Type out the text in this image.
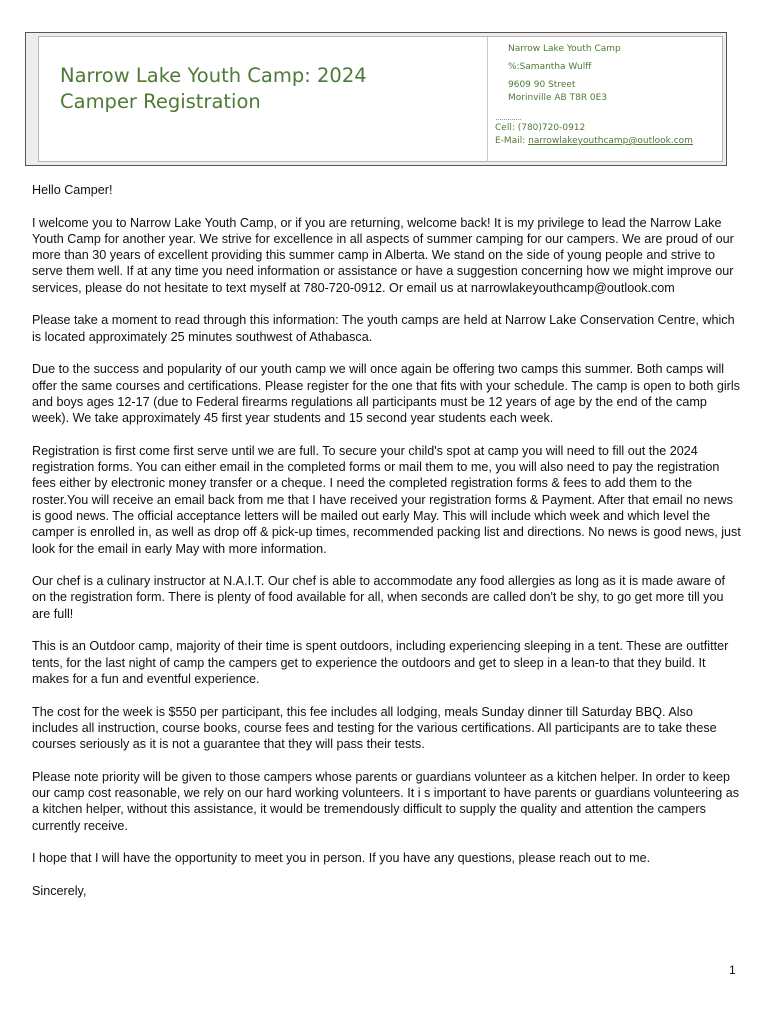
Narrow Lake Youth Camp: 2024
Camper Registration
Narrow Lake Youth Camp
%:Samantha Wulff
9609 90 Street
Morinville AB T8R 0E3
.............
Cell: (780)720-0912
E-Mail: narrowlakeyouthcamp@outlook.com

Hello Camper!

I welcome you to Narrow Lake Youth Camp, or if you are returning, welcome back! It is my privilege to lead the Narrow Lake Youth Camp for another year. We strive for excellence in all aspects of summer camping for our campers. We are proud of our more than 30 years of excellent providing this summer camp in Alberta. We stand on the side of young people and strive to serve them well. If at any time you need information or assistance or have a suggestion concerning how we might improve our services, please do not hesitate to text myself at 780-720-0912. Or email us at narrowlakeyouthcamp@outlook.com

Please take a moment to read through this information: The youth camps are held at Narrow Lake Conservation Centre, which is located approximately 25 minutes southwest of Athabasca.

Due to the success and popularity of our youth camp we will once again be offering two camps this summer. Both camps will offer the same courses and certifications. Please register for the one that fits with your schedule. The camp is open to both girls and boys ages 12-17 (due to Federal firearms regulations all participants must be 12 years of age by the end of the camp week). We take approximately 45 first year students and 15 second year students each week.

Registration is first come first serve until we are full. To secure your child's spot at camp you will need to fill out the 2024 registration forms. You can either email in the completed forms or mail them to me, you will also need to pay the registration fees either by electronic money transfer or a cheque. I need the completed registration forms & fees to add them to the roster.You will receive an email back from me that I have received your registration forms & Payment. After that email no news is good news. The official acceptance letters will be mailed out early May. This will include which week and which level the camper is enrolled in, as well as drop off & pick-up times, recommended packing list and directions. No news is good news, just look for the email in early May with more information.

Our chef is a culinary instructor at N.A.I.T. Our chef is able to accommodate any food allergies as long as it is made aware of on the registration form. There is plenty of food available for all, when seconds are called don't be shy, to go get more till you are full!

This is an Outdoor camp, majority of their time is spent outdoors, including experiencing sleeping in a tent. These are outfitter tents, for the last night of camp the campers get to experience the outdoors and get to sleep in a lean-to that they build. It makes for a fun and eventful experience.

The cost for the week is $550 per participant, this fee includes all lodging, meals Sunday dinner till Saturday BBQ. Also includes all instruction, course books, course fees and testing for the various certifications. All participants are to take these courses seriously as it is not a guarantee that they will pass their tests.

Please note priority will be given to those campers whose parents or guardians volunteer as a kitchen helper. In order to keep our camp cost reasonable, we rely on our hard working volunteers. It i s important to have parents or guardians volunteering as a kitchen helper, without this assistance, it would be tremendously difficult to supply the quality and attention the campers currently receive.

I hope that I will have the opportunity to meet you in person. If you have any questions, please reach out to me.

Sincerely,

1
